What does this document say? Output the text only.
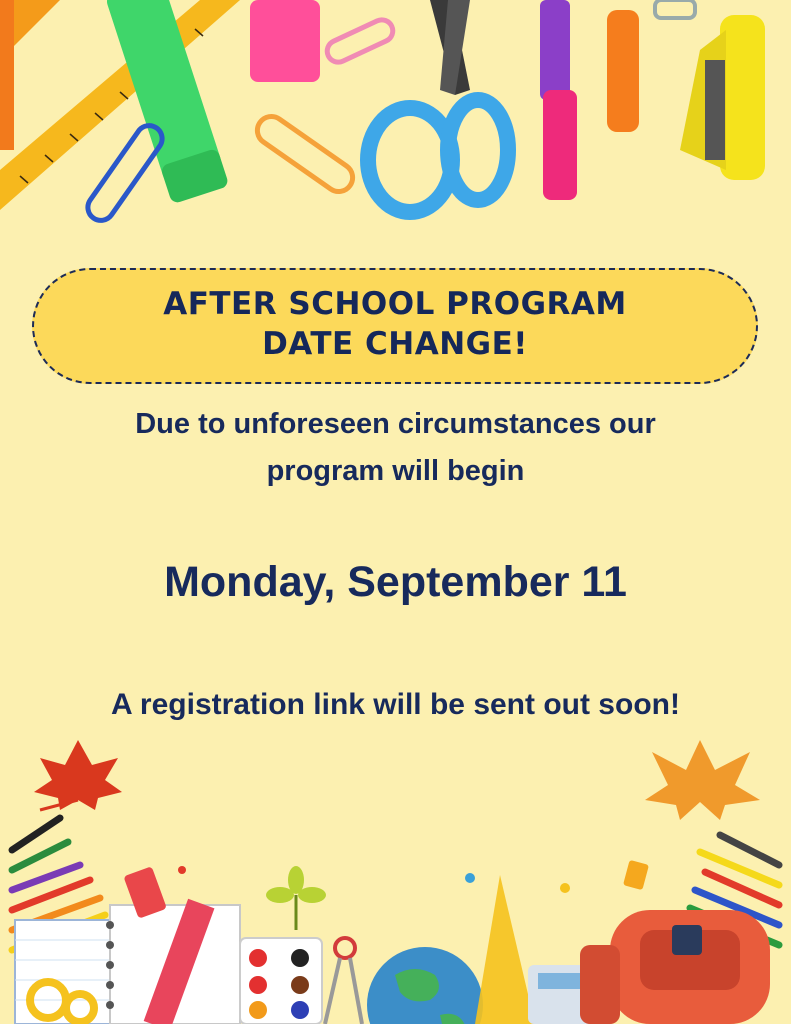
AFTER SCHOOL PROGRAM
DATE CHANGE!
Due to unforeseen circumstances our
program will begin
Monday, September 11
A registration link will be sent out soon!
